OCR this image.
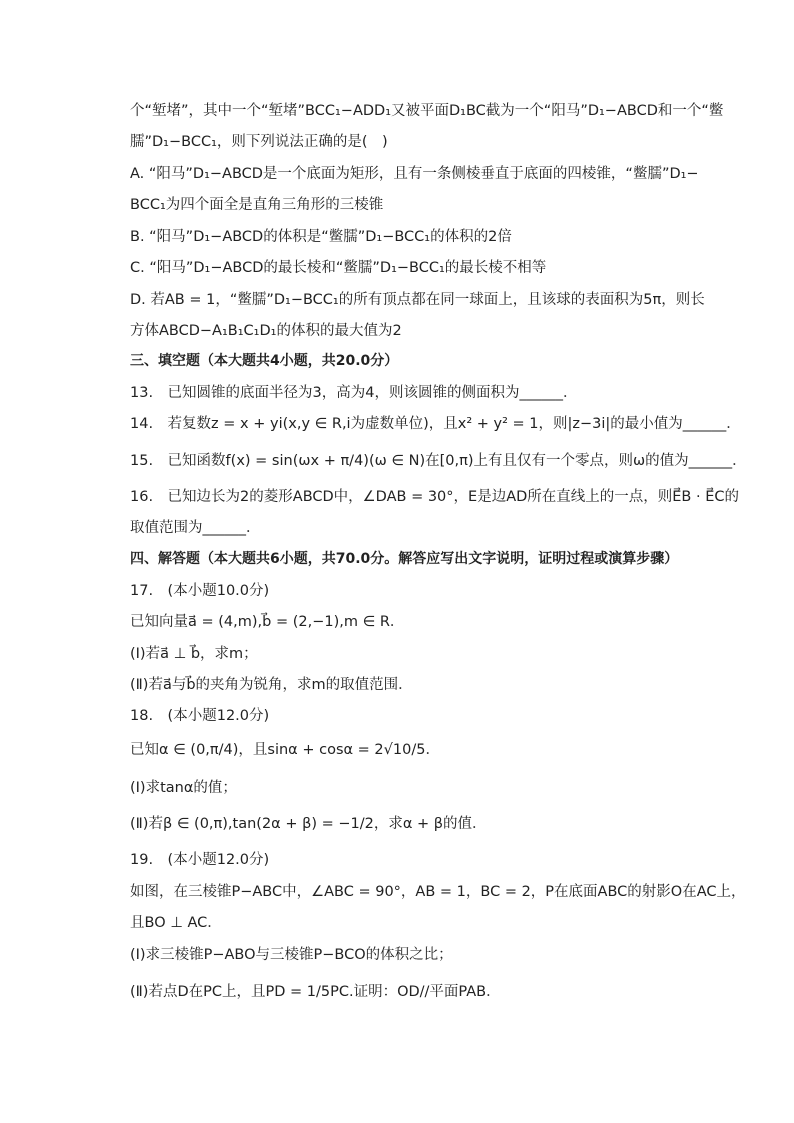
个“堑堵”，其中一个“堑堵”BCC₁−ADD₁又被平面D₁BC截为一个“阳马”D₁−ABCD和一个“鳖
臑”D₁−BCC₁，则下列说法正确的是(　)
A. “阳马”D₁−ABCD是一个底面为矩形，且有一条侧棱垂直于底面的四棱锥，“鳖臑”D₁−
BCC₁为四个面全是直角三角形的三棱锥
B. “阳马”D₁−ABCD的体积是“鳖臑”D₁−BCC₁的体积的2倍
C. “阳马”D₁−ABCD的最长棱和“鳖臑”D₁−BCC₁的最长棱不相等
D. 若AB = 1，“鳖臑”D₁−BCC₁的所有顶点都在同一球面上，且该球的表面积为5π，则长
方体ABCD−A₁B₁C₁D₁的体积的最大值为2
三、填空题（本大题共4小题，共20.0分）
13.　已知圆锥的底面半径为3，高为4，则该圆锥的侧面积为______．
14.　若复数z = x + yi(x,y ∈ R,i为虚数单位)，且x² + y² = 1，则|z−3i|的最小值为______．
15.　已知函数f(x) = sin(ωx + π/4)(ω ∈ N)在[0,π)上有且仅有一个零点，则ω的值为______．
16.　已知边长为2的菱形ABCD中，∠DAB = 30°，E是边AD所在直线上的一点，则E⃗B · E⃗C的
取值范围为______．
四、解答题（本大题共6小题，共70.0分。解答应写出文字说明，证明过程或演算步骤）
17.　(本小题10.0分)
已知向量a⃗ = (4,m),b⃗ = (2,−1),m ∈ R．
(Ⅰ)若a⃗ ⊥ b⃗，求m；
(Ⅱ)若a⃗与b⃗的夹角为锐角，求m的取值范围．
18.　(本小题12.0分)
已知α ∈ (0,π/4)，且sinα + cosα = 2√10/5．
(Ⅰ)求tanα的值；
(Ⅱ)若β ∈ (0,π),tan(2α + β) = −1/2，求α + β的值．
19.　(本小题12.0分)
如图，在三棱锥P−ABC中，∠ABC = 90°，AB = 1，BC = 2，P在底面ABC的射影O在AC上，
且BO ⊥ AC．
(Ⅰ)求三棱锥P−ABO与三棱锥P−BCO的体积之比；
(Ⅱ)若点D在PC上，且PD = 1/5PC.证明：OD//平面PAB．
